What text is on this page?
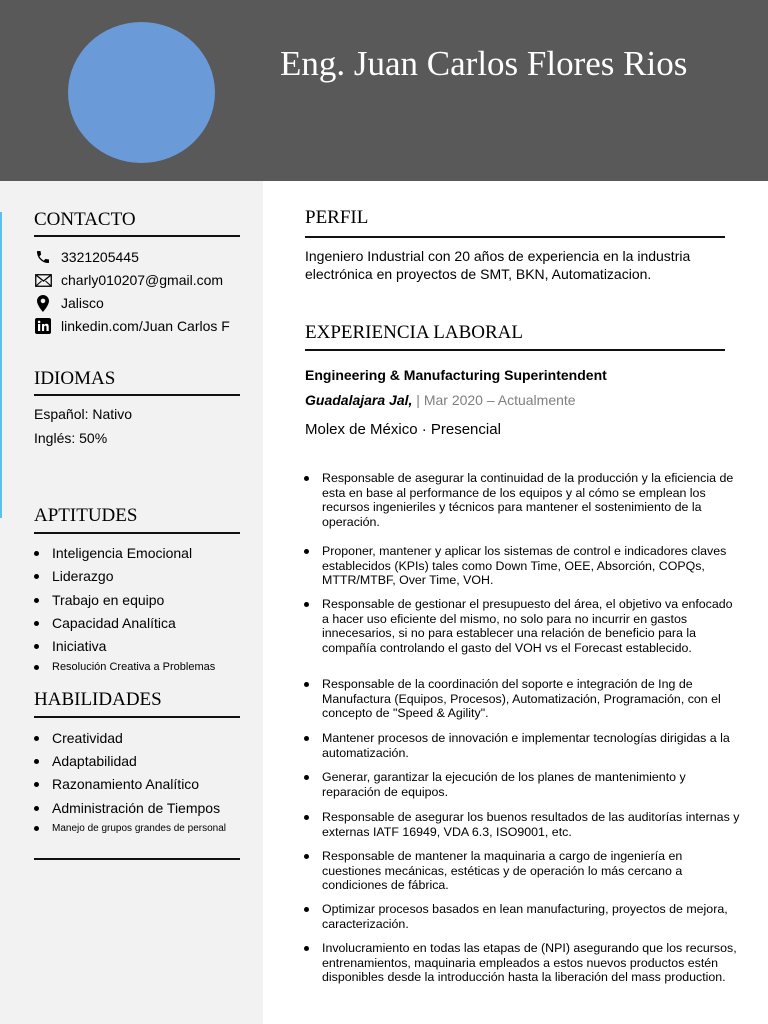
Eng. Juan Carlos Flores Rios
CONTACTO
3321205445
charly010207@gmail.com
Jalisco
linkedin.com/Juan Carlos F
IDIOMAS
Español: Nativo
Inglés: 50%
APTITUDES
Inteligencia Emocional
Liderazgo
Trabajo en equipo
Capacidad Analítica
Iniciativa
Resolución Creativa a Problemas
HABILIDADES
Creatividad
Adaptabilidad
Razonamiento Analítico
Administración de Tiempos
Manejo de grupos grandes de personal
PERFIL
Ingeniero Industrial con 20 años de experiencia en la industria electrónica en proyectos de SMT, BKN, Automatizacion.
EXPERIENCIA LABORAL
Engineering & Manufacturing Superintendent
Guadalajara Jal, | Mar 2020 – Actualmente
Molex de México · Presencial
Responsable de asegurar la continuidad de la producción y la eficiencia de esta en base al performance de los equipos y al cómo se emplean los recursos ingenieriles y técnicos para mantener el sostenimiento de la operación.
Proponer, mantener y aplicar los sistemas de control e indicadores claves establecidos (KPIs) tales como Down Time, OEE, Absorción, COPQs, MTTR/MTBF, Over Time, VOH.
Responsable de gestionar el presupuesto del área, el objetivo va enfocado a hacer uso eficiente del mismo, no solo para no incurrir en gastos innecesarios, si no para establecer una relación de beneficio para la compañía controlando el gasto del VOH vs el Forecast establecido.
Responsable de la coordinación del soporte e integración de Ing de Manufactura (Equipos, Procesos), Automatización, Programación, con el concepto de "Speed & Agility".
Mantener procesos de innovación e implementar tecnologías dirigidas a la automatización.
Generar, garantizar la ejecución de los planes de mantenimiento y reparación de equipos.
Responsable de asegurar los buenos resultados de las auditorías internas y externas IATF 16949, VDA 6.3, ISO9001, etc.
Responsable de mantener la maquinaria a cargo de ingeniería en cuestiones mecánicas, estéticas y de operación lo más cercano a condiciones de fábrica.
Optimizar procesos basados en lean manufacturing, proyectos de mejora, caracterización.
Involucramiento en todas las etapas de (NPI) asegurando que los recursos, entrenamientos, maquinaria empleados a estos nuevos productos estén disponibles desde la introducción hasta la liberación del mass production.
